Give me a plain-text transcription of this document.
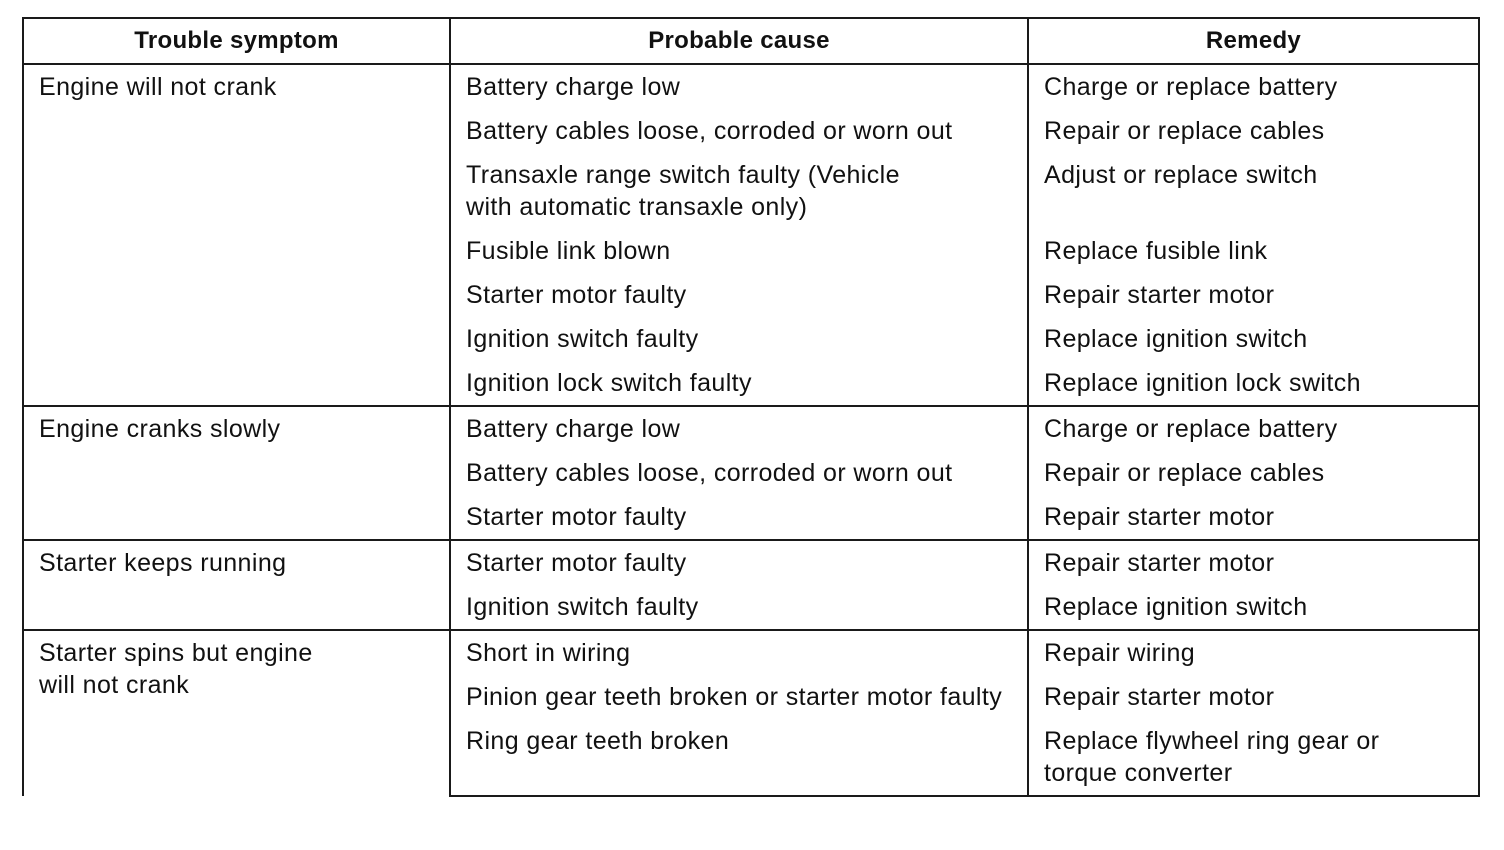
Trouble symptom	Probable cause	Remedy

Engine will not crank	Battery charge low	Charge or replace battery

	Battery cables loose, corroded or worn out	Repair or replace cables

	Transaxle range switch faulty (Vehicle
with automatic transaxle only)	Adjust or replace switch

	Fusible link blown	Replace fusible link

	Starter motor faulty	Repair starter motor

	Ignition switch faulty	Replace ignition switch

	Ignition lock switch faulty	Replace ignition lock switch

Engine cranks slowly	Battery charge low	Charge or replace battery

	Battery cables loose, corroded or worn out	Repair or replace cables

	Starter motor faulty	Repair starter motor

Starter keeps running	Starter motor faulty	Repair starter motor

	Ignition switch faulty	Replace ignition switch

Starter spins but engine
will not crank	Short in wiring	Repair wiring

	Pinion gear teeth broken or starter motor faulty	Repair starter motor

	Ring gear teeth broken	Replace flywheel ring gear or
torque converter
